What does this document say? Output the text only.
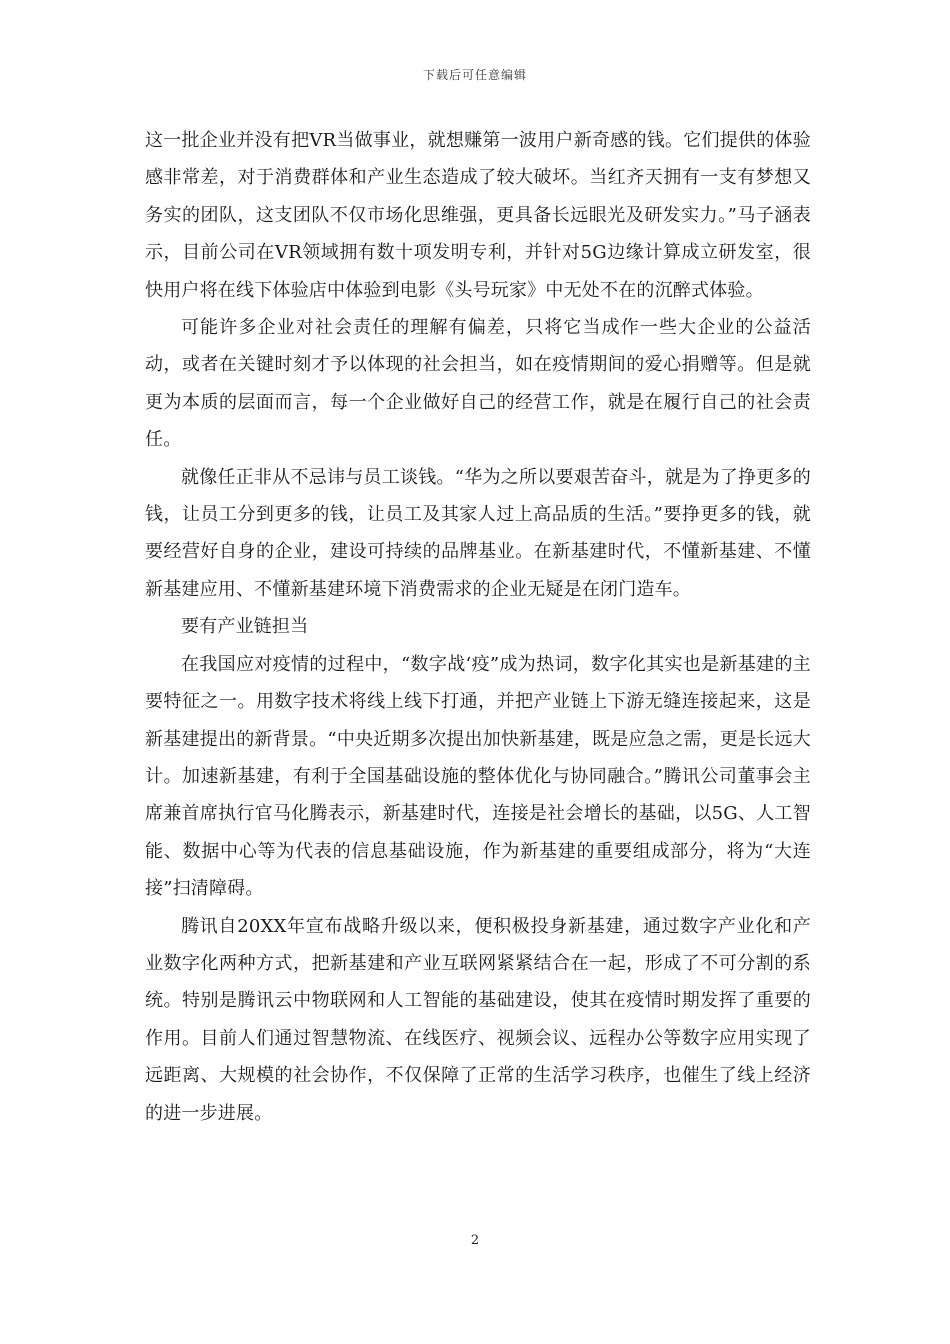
下载后可任意编辑

这一批企业并没有把VR当做事业，就想赚第一波用户新奇感的钱。它们提供的体验感非常差，对于消费群体和产业生态造成了较大破坏。当红齐天拥有一支有梦想又务实的团队，这支团队不仅市场化思维强，更具备长远眼光及研发实力。”马子涵表示，目前公司在VR领域拥有数十项发明专利，并针对5G边缘计算成立研发室，很快用户将在线下体验店中体验到电影《头号玩家》中无处不在的沉醉式体验。

可能许多企业对社会责任的理解有偏差，只将它当成作一些大企业的公益活动，或者在关键时刻才予以体现的社会担当，如在疫情期间的爱心捐赠等。但是就更为本质的层面而言，每一个企业做好自己的经营工作，就是在履行自己的社会责任。

就像任正非从不忌讳与员工谈钱。“华为之所以要艰苦奋斗，就是为了挣更多的钱，让员工分到更多的钱，让员工及其家人过上高品质的生活。”要挣更多的钱，就要经营好自身的企业，建设可持续的品牌基业。在新基建时代，不懂新基建、不懂新基建应用、不懂新基建环境下消费需求的企业无疑是在闭门造车。

要有产业链担当

在我国应对疫情的过程中，“数字战‘疫”成为热词，数字化其实也是新基建的主要特征之一。用数字技术将线上线下打通，并把产业链上下游无缝连接起来，这是新基建提出的新背景。“中央近期多次提出加快新基建，既是应急之需，更是长远大计。加速新基建，有利于全国基础设施的整体优化与协同融合。”腾讯公司董事会主席兼首席执行官马化腾表示，新基建时代，连接是社会增长的基础，以5G、人工智能、数据中心等为代表的信息基础设施，作为新基建的重要组成部分，将为“大连接”扫清障碍。

腾讯自20XX年宣布战略升级以来，便积极投身新基建，通过数字产业化和产业数字化两种方式，把新基建和产业互联网紧紧结合在一起，形成了不可分割的系统。特别是腾讯云中物联网和人工智能的基础建设，使其在疫情时期发挥了重要的作用。目前人们通过智慧物流、在线医疗、视频会议、远程办公等数字应用实现了远距离、大规模的社会协作，不仅保障了正常的生活学习秩序，也催生了线上经济的进一步进展。

2
